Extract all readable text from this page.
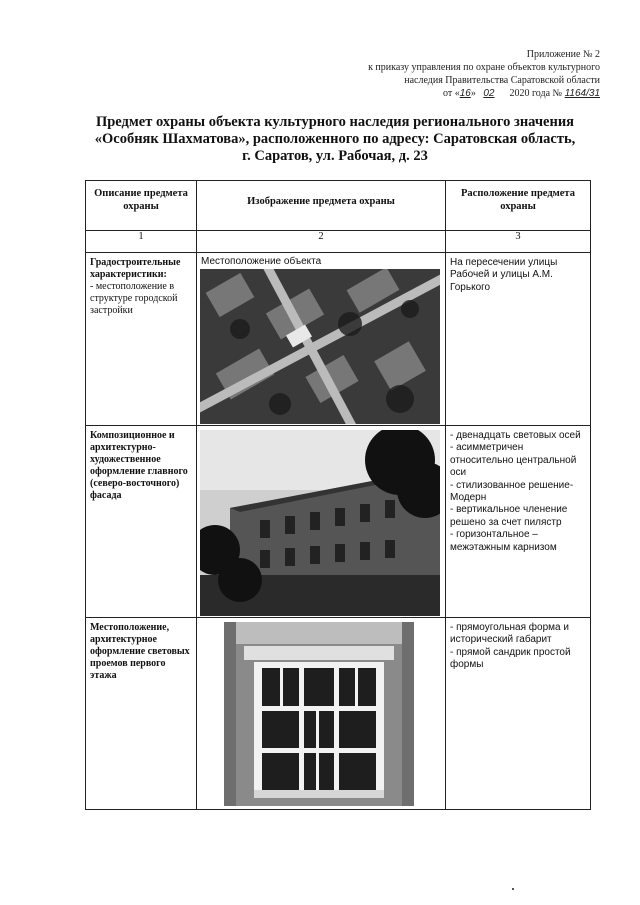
Приложение № 2
к приказу управления по охране объектов культурного
наследия Правительства Саратовской области
от «16»   02 2020 года № 1164/31
Предмет охраны объекта культурного наследия регионального значения
«Особняк Шахматова», расположенного по адресу: Саратовская область,
г. Саратов, ул. Рабочая, д. 23
Описание предмета охраны	Изображение предмета охраны	Расположение предмета охраны

1	2	3

Градостроительные характеристики:
- местоположение в структуре городской застройки	Местоположение объекта	На пересечении улицы Рабочей и улицы А.М. Горького

Композиционное и архитектурно-художественное оформление главного (северо-восточного) фасада		- двенадцать световых осей
- асимметричен относительно центральной оси
- стилизованное решение- Модерн
- вертикальное членение решено за счет пилястр
- горизонтальное – межэтажным карнизом

Местоположение, архитектурное оформление световых проемов первого этажа		- прямоугольная форма и исторический габарит
- прямой сандрик простой формы
